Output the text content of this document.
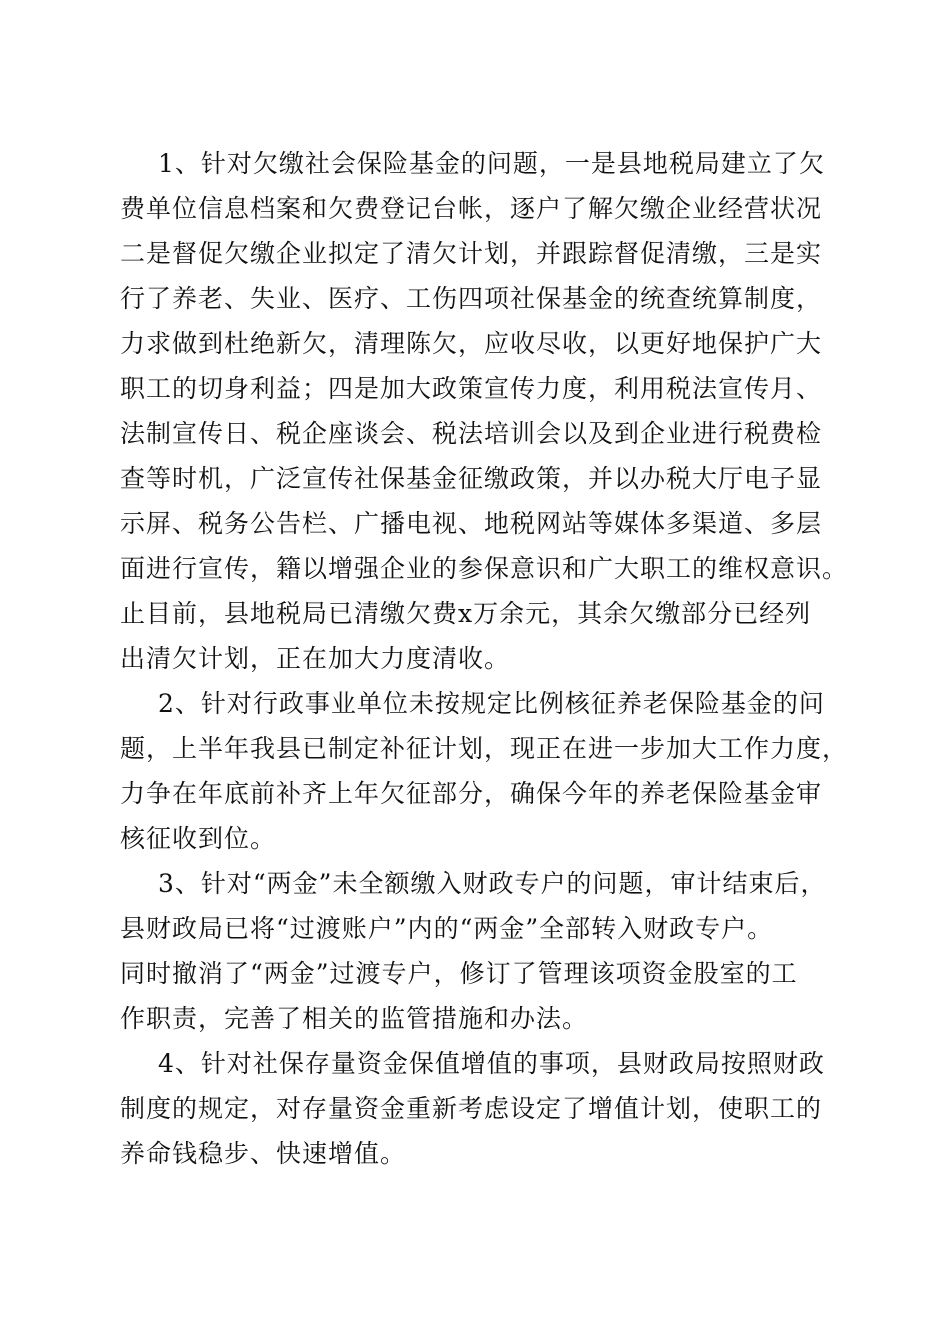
1、针对欠缴社会保险基金的问题，一是县地税局建立了欠
费单位信息档案和欠费登记台帐，逐户了解欠缴企业经营状况
二是督促欠缴企业拟定了清欠计划，并跟踪督促清缴，三是实
行了养老、失业、医疗、工伤四项社保基金的统查统算制度，
力求做到杜绝新欠，清理陈欠，应收尽收，以更好地保护广大
职工的切身利益；四是加大政策宣传力度，利用税法宣传月、
法制宣传日、税企座谈会、税法培训会以及到企业进行税费检
查等时机，广泛宣传社保基金征缴政策，并以办税大厅电子显
示屏、税务公告栏、广播电视、地税网站等媒体多渠道、多层
面进行宣传，籍以增强企业的参保意识和广大职工的维权意识。
止目前，县地税局已清缴欠费x万余元，其余欠缴部分已经列
出清欠计划，正在加大力度清收。
2、针对行政事业单位未按规定比例核征养老保险基金的问
题，上半年我县已制定补征计划，现正在进一步加大工作力度，
力争在年底前补齐上年欠征部分，确保今年的养老保险基金审
核征收到位。
3、针对“两金”未全额缴入财政专户的问题，审计结束后，
县财政局已将“过渡账户”内的“两金”全部转入财政专户。
同时撤消了“两金”过渡专户，修订了管理该项资金股室的工
作职责，完善了相关的监管措施和办法。
4、针对社保存量资金保值增值的事项，县财政局按照财政
制度的规定，对存量资金重新考虑设定了增值计划，使职工的
养命钱稳步、快速增值。
